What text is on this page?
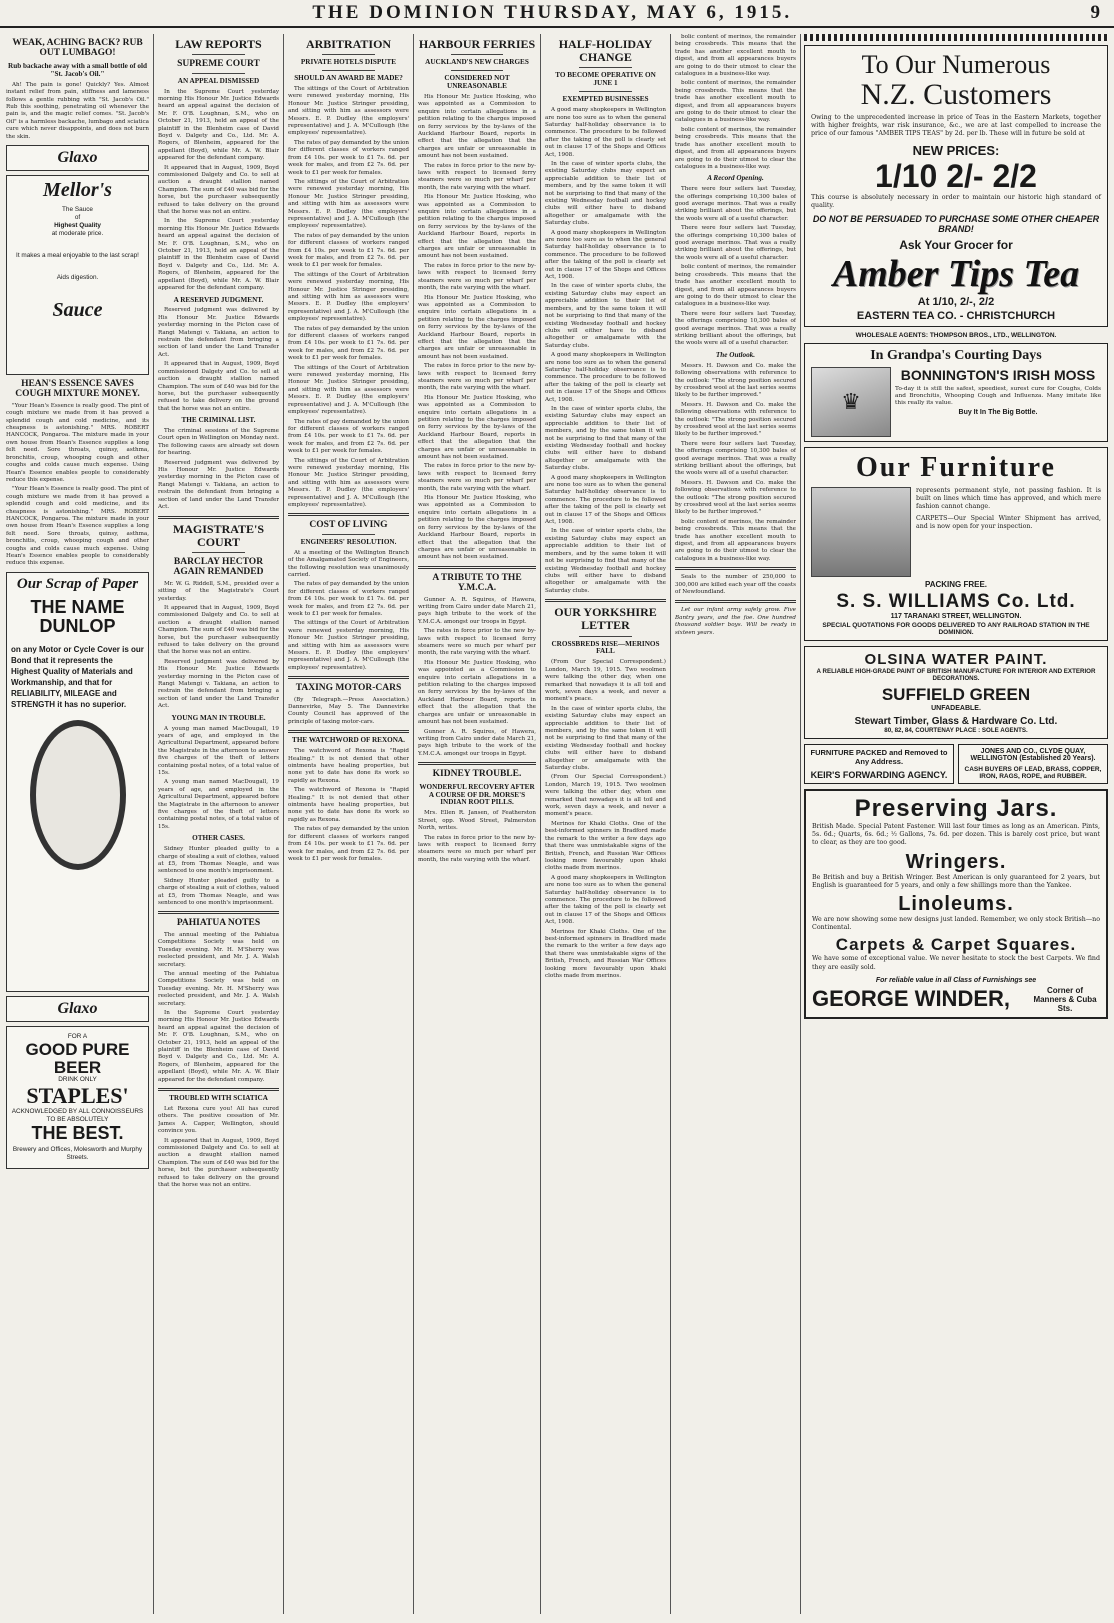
THE DOMINION THURSDAY, MAY 6, 1915.	9
WEAK, ACHING BACK? RUB OUT LUMBAGO!
Rub backache away with a small bottle of old "St. Jacob's Oil."
Ah! The pain is gone! Quickly? Yes. Almost instant relief from pain, stiffness and lameness follows a gentle rubbing with "St. Jacob's Oil." Rub this soothing, penetrating oil whenever the pain is, and the magic relief comes. "St. Jacob's Oil" is a harmless backache, lumbago and sciatica cure which never disappoints, and does not burn the skin.
Glaxo
Mellor's
The Sauce
of
Highest Quality
at moderate price.
It makes a meal enjoyable to the last scrap!
Aids digestion.
Sauce
HEAN'S ESSENCE SAVES COUGH MIXTURE MONEY.
"Your Hean's Essence is really good. The pint of cough mixture we made from it has proved a splendid cough and cold medicine, and its cheapness is astonishing." MRS. ROBERT HANCOCK, Pongaroa. The mixture made in your own house from Hean's Essence supplies a long felt need. Sore throats, quinsy, asthma, bronchitis, croup, whooping cough and other coughs and colds cause much expense. Using Hean's Essence enables people to considerably reduce this expense.
"Your Hean's Essence is really good. The pint of cough mixture we made from it has proved a splendid cough and cold medicine, and its cheapness is astonishing." MRS. ROBERT HANCOCK, Pongaroa. The mixture made in your own house from Hean's Essence supplies a long felt need. Sore throats, quinsy, asthma, bronchitis, croup, whooping cough and other coughs and colds cause much expense. Using Hean's Essence enables people to considerably reduce this expense.
Our Scrap of Paper
THE NAME DUNLOP
on any Motor or Cycle Cover is our Bond that it represents the Highest Quality of Materials and Workmanship, and that for RELIABILITY, MILEAGE and STRENGTH it has no superior.
Glaxo
FOR A
GOOD PURE BEER
DRINK ONLY
STAPLES'
ACKNOWLEDGED BY ALL CONNOISSEURS TO BE ABSOLUTELY
THE BEST.
Brewery and Offices, Molesworth and Murphy Streets.
LAW REPORTS
SUPREME COURT
AN APPEAL DISMISSED
In the Supreme Court yesterday morning His Honour Mr. Justice Edwards heard an appeal against the decision of Mr. F. O'B. Loughnan, S.M., who on October 21, 1913, held an appeal of the plaintiff in the Blenheim case of David Boyd v. Dalgety and Co., Ltd. Mr. A. Rogers, of Blenheim, appeared for the appellant (Boyd), while Mr. A. W. Blair appeared for the defendant company.
It appeared that in August, 1909, Boyd commissioned Dalgety and Co. to sell at auction a draught stallion named Champion. The sum of £40 was bid for the horse, but the purchaser subsequently refused to take delivery on the ground that the horse was not an entire.
In the Supreme Court yesterday morning His Honour Mr. Justice Edwards heard an appeal against the decision of Mr. F. O'B. Loughnan, S.M., who on October 21, 1913, held an appeal of the plaintiff in the Blenheim case of David Boyd v. Dalgety and Co., Ltd. Mr. A. Rogers, of Blenheim, appeared for the appellant (Boyd), while Mr. A. W. Blair appeared for the defendant company.
A RESERVED JUDGMENT.
Reserved judgment was delivered by His Honour Mr. Justice Edwards yesterday morning in the Picton case of Rangi Matengi v. Takiana, an action to restrain the defendant from bringing a section of land under the Land Transfer Act.
It appeared that in August, 1909, Boyd commissioned Dalgety and Co. to sell at auction a draught stallion named Champion. The sum of £40 was bid for the horse, but the purchaser subsequently refused to take delivery on the ground that the horse was not an entire.
THE CRIMINAL LIST.
The criminal sessions of the Supreme Court open in Wellington on Monday next. The following cases are already set down for hearing.
Reserved judgment was delivered by His Honour Mr. Justice Edwards yesterday morning in the Picton case of Rangi Matengi v. Takiana, an action to restrain the defendant from bringing a section of land under the Land Transfer Act.
MAGISTRATE'S COURT
BARCLAY HECTOR AGAIN REMANDED
Mr. W. G. Riddell, S.M., presided over a sitting of the Magistrate's Court yesterday.
It appeared that in August, 1909, Boyd commissioned Dalgety and Co. to sell at auction a draught stallion named Champion. The sum of £40 was bid for the horse, but the purchaser subsequently refused to take delivery on the ground that the horse was not an entire.
Reserved judgment was delivered by His Honour Mr. Justice Edwards yesterday morning in the Picton case of Rangi Matengi v. Takiana, an action to restrain the defendant from bringing a section of land under the Land Transfer Act.
YOUNG MAN IN TROUBLE.
A young man named MacDougall, 19 years of age, and employed in the Agricultural Department, appeared before the Magistrate in the afternoon to answer five charges of the theft of letters containing postal notes, of a total value of 15s.
A young man named MacDougall, 19 years of age, and employed in the Agricultural Department, appeared before the Magistrate in the afternoon to answer five charges of the theft of letters containing postal notes, of a total value of 15s.
OTHER CASES.
Sidney Hunter pleaded guilty to a charge of stealing a suit of clothes, valued at £5, from Thomas Neagle, and was sentenced to one month's imprisonment.
Sidney Hunter pleaded guilty to a charge of stealing a suit of clothes, valued at £5, from Thomas Neagle, and was sentenced to one month's imprisonment.
PAHIATUA NOTES
The annual meeting of the Pahiatua Competitions Society was held on Tuesday evening. Mr. H. M'Sherry was reelected president, and Mr. J. A. Walsh secretary.
The annual meeting of the Pahiatua Competitions Society was held on Tuesday evening. Mr. H. M'Sherry was reelected president, and Mr. J. A. Walsh secretary.
In the Supreme Court yesterday morning His Honour Mr. Justice Edwards heard an appeal against the decision of Mr. F. O'B. Loughnan, S.M., who on October 21, 1913, held an appeal of the plaintiff in the Blenheim case of David Boyd v. Dalgety and Co., Ltd. Mr. A. Rogers, of Blenheim, appeared for the appellant (Boyd), while Mr. A. W. Blair appeared for the defendant company.
TROUBLED WITH SCIATICA
Let Rexona cure you! All has cured others. The positive cessation of Mr. James A. Capper, Wellington, should convince you.
It appeared that in August, 1909, Boyd commissioned Dalgety and Co. to sell at auction a draught stallion named Champion. The sum of £40 was bid for the horse, but the purchaser subsequently refused to take delivery on the ground that the horse was not an entire.
ARBITRATION
PRIVATE HOTELS DISPUTE
SHOULD AN AWARD BE MADE?
The sittings of the Court of Arbitration were renewed yesterday morning, His Honour Mr. Justice Stringer presiding, and sitting with him as assessors were Messrs. E. P. Dudley (the employers' representative) and J. A. M'Cullough (the employees' representative).
The rates of pay demanded by the union for different classes of workers ranged from £4 10s. per week to £1 7s. 6d. per week for males, and from £2 7s. 6d. per week to £1 per week for females.
The sittings of the Court of Arbitration were renewed yesterday morning, His Honour Mr. Justice Stringer presiding, and sitting with him as assessors were Messrs. E. P. Dudley (the employers' representative) and J. A. M'Cullough (the employees' representative).
The rates of pay demanded by the union for different classes of workers ranged from £4 10s. per week to £1 7s. 6d. per week for males, and from £2 7s. 6d. per week to £1 per week for females.
The sittings of the Court of Arbitration were renewed yesterday morning, His Honour Mr. Justice Stringer presiding, and sitting with him as assessors were Messrs. E. P. Dudley (the employers' representative) and J. A. M'Cullough (the employees' representative).
The rates of pay demanded by the union for different classes of workers ranged from £4 10s. per week to £1 7s. 6d. per week for males, and from £2 7s. 6d. per week to £1 per week for females.
The sittings of the Court of Arbitration were renewed yesterday morning, His Honour Mr. Justice Stringer presiding, and sitting with him as assessors were Messrs. E. P. Dudley (the employers' representative) and J. A. M'Cullough (the employees' representative).
The rates of pay demanded by the union for different classes of workers ranged from £4 10s. per week to £1 7s. 6d. per week for males, and from £2 7s. 6d. per week to £1 per week for females.
The sittings of the Court of Arbitration were renewed yesterday morning, His Honour Mr. Justice Stringer presiding, and sitting with him as assessors were Messrs. E. P. Dudley (the employers' representative) and J. A. M'Cullough (the employees' representative).
COST OF LIVING
ENGINEERS' RESOLUTION.
At a meeting of the Wellington Branch of the Amalgamated Society of Engineers, the following resolution was unanimously carried.
The rates of pay demanded by the union for different classes of workers ranged from £4 10s. per week to £1 7s. 6d. per week for males, and from £2 7s. 6d. per week to £1 per week for females.
The sittings of the Court of Arbitration were renewed yesterday morning, His Honour Mr. Justice Stringer presiding, and sitting with him as assessors were Messrs. E. P. Dudley (the employers' representative) and J. A. M'Cullough (the employees' representative).
TAXING MOTOR-CARS
(By Telegraph.—Press Association.) Dannevirke, May 5. The Dannevirke County Council has approved of the principle of taxing motor-cars.
THE WATCHWORD OF REXONA.
The watchword of Rexona is "Rapid Healing." It is not denied that other ointments have healing properties, but none yet to date has done its work so rapidly as Rexona.
The watchword of Rexona is "Rapid Healing." It is not denied that other ointments have healing properties, but none yet to date has done its work so rapidly as Rexona.
The rates of pay demanded by the union for different classes of workers ranged from £4 10s. per week to £1 7s. 6d. per week for males, and from £2 7s. 6d. per week to £1 per week for females.
HARBOUR FERRIES
AUCKLAND'S NEW CHARGES
CONSIDERED NOT UNREASONABLE
His Honour Mr. Justice Hosking, who was appointed as a Commission to enquire into certain allegations in a petition relating to the charges imposed on ferry services by the by-laws of the Auckland Harbour Board, reports in effect that the allegation that the charges are unfair or unreasonable in amount has not been sustained.
The rates in force prior to the new by-laws with respect to licensed ferry steamers were so much per wharf per month, the rate varying with the wharf.
His Honour Mr. Justice Hosking, who was appointed as a Commission to enquire into certain allegations in a petition relating to the charges imposed on ferry services by the by-laws of the Auckland Harbour Board, reports in effect that the allegation that the charges are unfair or unreasonable in amount has not been sustained.
The rates in force prior to the new by-laws with respect to licensed ferry steamers were so much per wharf per month, the rate varying with the wharf.
His Honour Mr. Justice Hosking, who was appointed as a Commission to enquire into certain allegations in a petition relating to the charges imposed on ferry services by the by-laws of the Auckland Harbour Board, reports in effect that the allegation that the charges are unfair or unreasonable in amount has not been sustained.
The rates in force prior to the new by-laws with respect to licensed ferry steamers were so much per wharf per month, the rate varying with the wharf.
His Honour Mr. Justice Hosking, who was appointed as a Commission to enquire into certain allegations in a petition relating to the charges imposed on ferry services by the by-laws of the Auckland Harbour Board, reports in effect that the allegation that the charges are unfair or unreasonable in amount has not been sustained.
The rates in force prior to the new by-laws with respect to licensed ferry steamers were so much per wharf per month, the rate varying with the wharf.
His Honour Mr. Justice Hosking, who was appointed as a Commission to enquire into certain allegations in a petition relating to the charges imposed on ferry services by the by-laws of the Auckland Harbour Board, reports in effect that the allegation that the charges are unfair or unreasonable in amount has not been sustained.
A TRIBUTE TO THE Y.M.C.A.
Gunner A. R. Squires, of Hawera, writing from Cairo under date March 21, pays high tribute to the work of the Y.M.C.A. amongst our troops in Egypt.
The rates in force prior to the new by-laws with respect to licensed ferry steamers were so much per wharf per month, the rate varying with the wharf.
His Honour Mr. Justice Hosking, who was appointed as a Commission to enquire into certain allegations in a petition relating to the charges imposed on ferry services by the by-laws of the Auckland Harbour Board, reports in effect that the allegation that the charges are unfair or unreasonable in amount has not been sustained.
Gunner A. R. Squires, of Hawera, writing from Cairo under date March 21, pays high tribute to the work of the Y.M.C.A. amongst our troops in Egypt.
KIDNEY TROUBLE.
WONDERFUL RECOVERY AFTER A COURSE OF DR. MORSE'S INDIAN ROOT PILLS.
Mrs. Ellen R. Jansen, of Featherston Street, opp. Wood Street, Palmerston North, writes.
The rates in force prior to the new by-laws with respect to licensed ferry steamers were so much per wharf per month, the rate varying with the wharf.
HALF-HOLIDAY CHANGE
TO BECOME OPERATIVE ON JUNE 1
EXEMPTED BUSINESSES
A good many shopkeepers in Wellington are none too sure as to when the general Saturday half-holiday observance is to commence. The procedure to be followed after the taking of the poll is clearly set out in clause 17 of the Shops and Offices Act, 1908.
In the case of winter sports clubs, the existing Saturday clubs may expect an appreciable addition to their list of members, and by the same token it will not be surprising to find that many of the existing Wednesday football and hockey clubs will either have to disband altogether or amalgamate with the Saturday clubs.
A good many shopkeepers in Wellington are none too sure as to when the general Saturday half-holiday observance is to commence. The procedure to be followed after the taking of the poll is clearly set out in clause 17 of the Shops and Offices Act, 1908.
In the case of winter sports clubs, the existing Saturday clubs may expect an appreciable addition to their list of members, and by the same token it will not be surprising to find that many of the existing Wednesday football and hockey clubs will either have to disband altogether or amalgamate with the Saturday clubs.
A good many shopkeepers in Wellington are none too sure as to when the general Saturday half-holiday observance is to commence. The procedure to be followed after the taking of the poll is clearly set out in clause 17 of the Shops and Offices Act, 1908.
In the case of winter sports clubs, the existing Saturday clubs may expect an appreciable addition to their list of members, and by the same token it will not be surprising to find that many of the existing Wednesday football and hockey clubs will either have to disband altogether or amalgamate with the Saturday clubs.
A good many shopkeepers in Wellington are none too sure as to when the general Saturday half-holiday observance is to commence. The procedure to be followed after the taking of the poll is clearly set out in clause 17 of the Shops and Offices Act, 1908.
In the case of winter sports clubs, the existing Saturday clubs may expect an appreciable addition to their list of members, and by the same token it will not be surprising to find that many of the existing Wednesday football and hockey clubs will either have to disband altogether or amalgamate with the Saturday clubs.
OUR YORKSHIRE LETTER
CROSSBREDS RISE—MERINOS FALL
(From Our Special Correspondent.) London, March 19, 1915. Two woolmen were talking the other day, when one remarked that nowadays it is all toil and work, seven days a week, and never a moment's peace.
In the case of winter sports clubs, the existing Saturday clubs may expect an appreciable addition to their list of members, and by the same token it will not be surprising to find that many of the existing Wednesday football and hockey clubs will either have to disband altogether or amalgamate with the Saturday clubs.
(From Our Special Correspondent.) London, March 19, 1915. Two woolmen were talking the other day, when one remarked that nowadays it is all toil and work, seven days a week, and never a moment's peace.
Merinos for Khaki Cloths. One of the best-informed spinners in Bradford made the remark to the writer a few days ago that there was unmistakable signs of the British, French, and Russian War Offices looking more favourably upon khaki cloths made from merinos.
A good many shopkeepers in Wellington are none too sure as to when the general Saturday half-holiday observance is to commence. The procedure to be followed after the taking of the poll is clearly set out in clause 17 of the Shops and Offices Act, 1908.
Merinos for Khaki Cloths. One of the best-informed spinners in Bradford made the remark to the writer a few days ago that there was unmistakable signs of the British, French, and Russian War Offices looking more favourably upon khaki cloths made from merinos.
bolic content of merinos, the remainder being crossbreds. This means that the trade has another excellent mouth to digest, and from all appearances buyers are going to do their utmost to clear the catalogues in a business-like way.
bolic content of merinos, the remainder being crossbreds. This means that the trade has another excellent mouth to digest, and from all appearances buyers are going to do their utmost to clear the catalogues in a business-like way.
bolic content of merinos, the remainder being crossbreds. This means that the trade has another excellent mouth to digest, and from all appearances buyers are going to do their utmost to clear the catalogues in a business-like way.
A Record Opening.
There were four sellers last Tuesday, the offerings comprising 10,300 bales of good average merinos. That was a really striking brilliant about the offerings, but the wools were all of a useful character.
There were four sellers last Tuesday, the offerings comprising 10,300 bales of good average merinos. That was a really striking brilliant about the offerings, but the wools were all of a useful character.
bolic content of merinos, the remainder being crossbreds. This means that the trade has another excellent mouth to digest, and from all appearances buyers are going to do their utmost to clear the catalogues in a business-like way.
There were four sellers last Tuesday, the offerings comprising 10,300 bales of good average merinos. That was a really striking brilliant about the offerings, but the wools were all of a useful character.
The Outlook.
Messrs. H. Dawson and Co. make the following observations with reference to the outlook: "The strong position secured by crossbred wool at the last series seems likely to be further improved."
Messrs. H. Dawson and Co. make the following observations with reference to the outlook: "The strong position secured by crossbred wool at the last series seems likely to be further improved."
There were four sellers last Tuesday, the offerings comprising 10,300 bales of good average merinos. That was a really striking brilliant about the offerings, but the wools were all of a useful character.
Messrs. H. Dawson and Co. make the following observations with reference to the outlook: "The strong position secured by crossbred wool at the last series seems likely to be further improved."
bolic content of merinos, the remainder being crossbreds. This means that the trade has another excellent mouth to digest, and from all appearances buyers are going to do their utmost to clear the catalogues in a business-like way.
Seals to the number of 250,000 to 300,000 are killed each year off the coasts of Newfoundland.
Let our infant army safely grow. Five Bantry years, and the foe. One hundred thousand soldier boys. Will be ready in sixteen years.
To Our Numerous
N.Z. Customers
Owing to the unprecedented increase in price of Teas in the Eastern Markets, together with higher freights, war risk insurance, &c., we are at last compelled to increase the price of our famous "AMBER TIPS TEAS" by 2d. per lb. These will in future be sold at
NEW PRICES:
1/10 2/- 2/2
This course is absolutely necessary in order to maintain our historic high standard of quality.
DO NOT BE PERSUADED TO PURCHASE SOME OTHER CHEAPER BRAND!
Ask Your Grocer for
Amber Tips Tea
At 1/10, 2/-, 2/2
EASTERN TEA CO. - CHRISTCHURCH
WHOLESALE AGENTS: THOMPSON BROS., LTD., WELLINGTON.
In Grandpa's Courting Days
♛
BONNINGTON'S IRISH MOSS
To-day it is still the safest, speediest, surest cure for Coughs, Colds and Bronchitis, Whooping Cough and Influenza. Many imitate like this really its value.
Buy It In The Big Bottle.
Our Furniture
represents permanent style, not passing fashion. It is built on lines which time has approved, and which mere fashion cannot change.
CARPETS—Our Special Winter Shipment has arrived, and is now open for your inspection.
PACKING FREE.
S. S. WILLIAMS Co. Ltd.
117 TARANAKI STREET, WELLINGTON.
SPECIAL QUOTATIONS FOR GOODS DELIVERED TO ANY RAILROAD STATION IN THE DOMINION.
OLSINA WATER PAINT.
A RELIABLE HIGH-GRADE PAINT OF BRITISH MANUFACTURE FOR INTERIOR AND EXTERIOR DECORATIONS.
SUFFIELD GREEN
UNFADEABLE.
Stewart Timber, Glass & Hardware Co. Ltd.
80, 82, 84, COURTENAY PLACE : SOLE AGENTS.
FURNITURE PACKED and Removed to Any Address.
KEIR'S FORWARDING AGENCY.
JONES AND CO., CLYDE QUAY, WELLINGTON (Established 20 Years).
CASH BUYERS OF LEAD, BRASS, COPPER, IRON, RAGS, ROPE, and RUBBER.
Preserving Jars.
British Made. Special Patent Fastener. Will last four times as long as an American. Pints, 5s. 6d.; Quarts, 6s. 6d.; ½ Gallons, 7s. 6d. per dozen. This is barely cost price, but want to clear, as they are too good.
Wringers.
Be British and buy a British Wringer. Best American is only guaranteed for 2 years, but English is guaranteed for 5 years, and only a few shillings more than the Yankee.
Linoleums.
We are now showing some new designs just landed. Remember, we only stock British—no Continental.
Carpets & Carpet Squares.
We have some of exceptional value. We never hesitate to stock the best Carpets. We find they are easily sold.
For reliable value in all Class of Furnishings see
GEORGE WINDER,	Corner of Manners & Cuba Sts.
